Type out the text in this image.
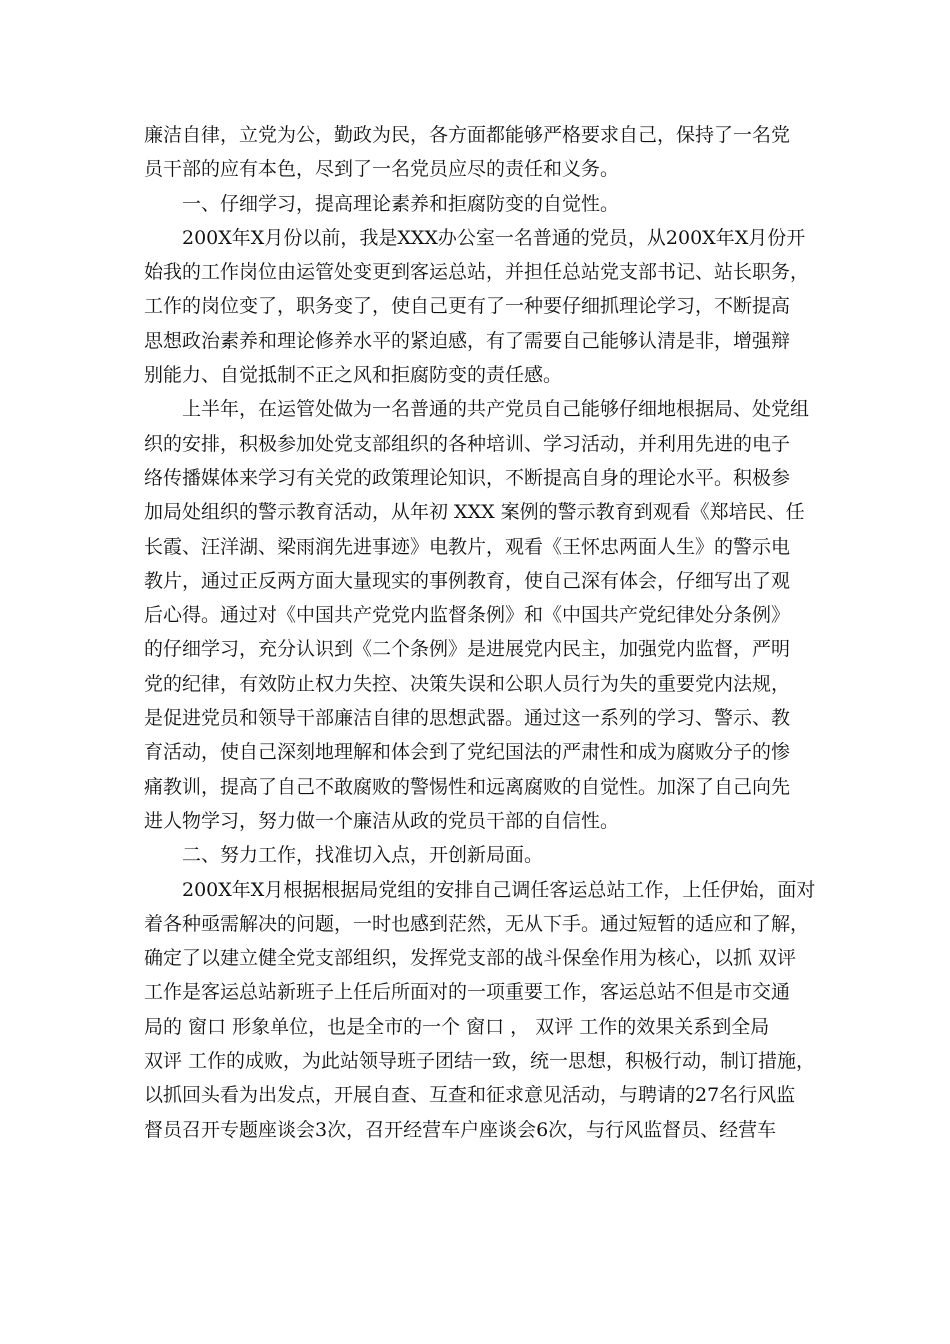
廉洁自律，立党为公，勤政为民，各方面都能够严格要求自己，保持了一名党
员干部的应有本色，尽到了一名党员应尽的责任和义务。
　　一、仔细学习，提高理论素养和拒腐防变的自觉性。
　　200X年X月份以前，我是XXX办公室一名普通的党员，从200X年X月份开
始我的工作岗位由运管处变更到客运总站，并担任总站党支部书记、站长职务，
工作的岗位变了，职务变了，使自己更有了一种要仔细抓理论学习，不断提高
思想政治素养和理论修养水平的紧迫感，有了需要自己能够认清是非，增强辩
别能力、自觉抵制不正之风和拒腐防变的责任感。
　　上半年，在运管处做为一名普通的共产党员自己能够仔细地根据局、处党组
织的安排，积极参加处党支部组织的各种培训、学习活动，并利用先进的电子
络传播媒体来学习有关党的政策理论知识，不断提高自身的理论水平。积极参
加局处组织的警示教育活动，从年初 XXX 案例的警示教育到观看《郑培民、任
长霞、汪洋湖、梁雨润先进事迹》电教片，观看《王怀忠两面人生》的警示电
教片，通过正反两方面大量现实的事例教育，使自己深有体会，仔细写出了观
后心得。通过对《中国共产党党内监督条例》和《中国共产党纪律处分条例》
的仔细学习，充分认识到《二个条例》是进展党内民主，加强党内监督，严明
党的纪律，有效防止权力失控、决策失误和公职人员行为失的重要党内法规，
是促进党员和领导干部廉洁自律的思想武器。通过这一系列的学习、警示、教
育活动，使自己深刻地理解和体会到了党纪国法的严肃性和成为腐败分子的惨
痛教训，提高了自己不敢腐败的警惕性和远离腐败的自觉性。加深了自己向先
进人物学习，努力做一个廉洁从政的党员干部的自信性。
　　二、努力工作，找准切入点，开创新局面。
　　200X年X月根据根据局党组的安排自己调任客运总站工作，上任伊始，面对
着各种亟需解决的问题，一时也感到茫然，无从下手。通过短暂的适应和了解，
确定了以建立健全党支部组织，发挥党支部的战斗保垒作用为核心，以抓 双评
工作是客运总站新班子上任后所面对的一项重要工作，客运总站不但是市交通
局的 窗口 形象单位，也是全市的一个 窗口 ， 双评 工作的效果关系到全局
双评 工作的成败，为此站领导班子团结一致，统一思想，积极行动，制订措施，
以抓回头看为出发点，开展自查、互查和征求意见活动，与聘请的27名行风监
督员召开专题座谈会3次，召开经营车户座谈会6次，与行风监督员、经营车
